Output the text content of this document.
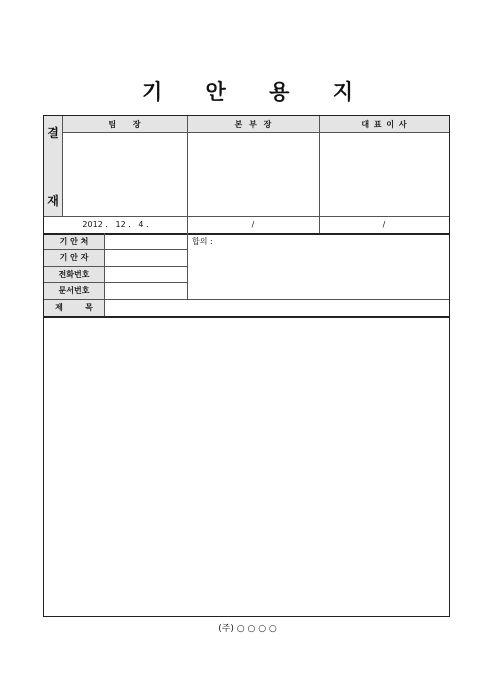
기 안 용 지
결
재
팀 장	본 부 장	대 표 이 사
2012 .   12 .   4 .	/	/
기 안 처
기 안 자
전화번호
문서번호
제        목
합의 :
(주) ○ ○ ○ ○
